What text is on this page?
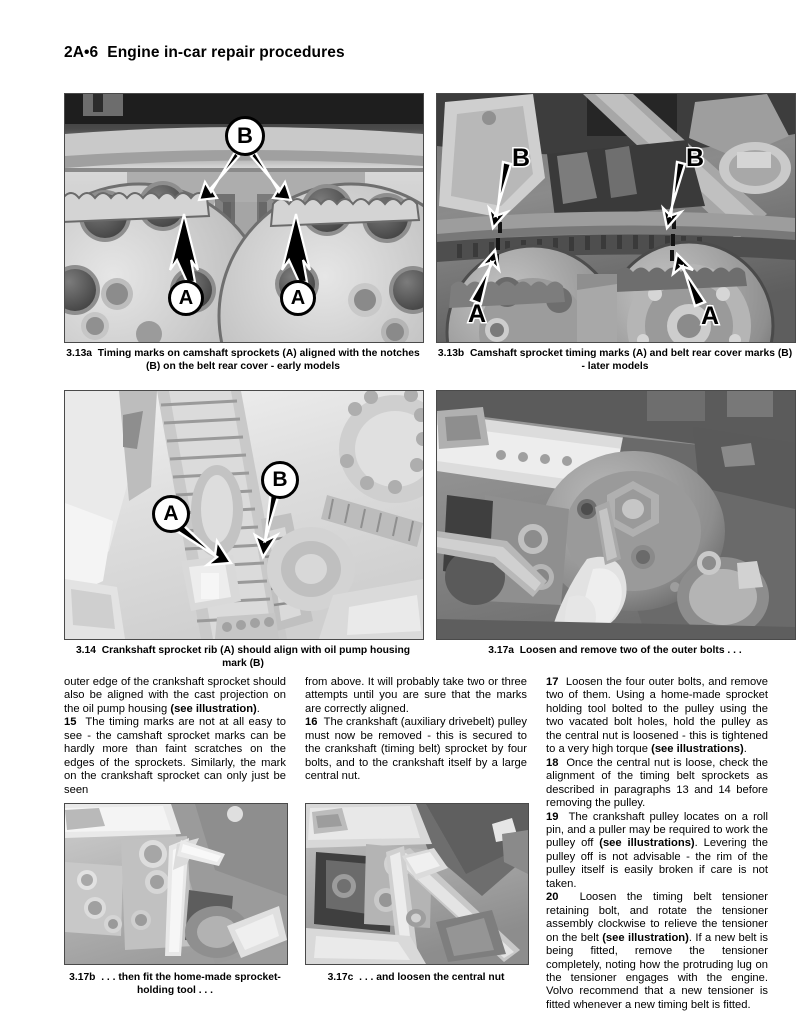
2A•6 Engine in-car repair procedures
B
A	A
3.13a Timing marks on camshaft sprockets (A) aligned with the notches (B) on the belt rear cover - early models
B	B
A	A
3.13b Camshaft sprocket timing marks (A) and belt rear cover marks (B) - later models
A
B
3.14 Crankshaft sprocket rib (A) should align with oil pump housing mark (B)
3.17a Loosen and remove two of the outer bolts . . .

outer edge of the crankshaft sprocket should also be aligned with the cast projection on the oil pump housing (see illustration).

15 The timing marks are not at all easy to see - the camshaft sprocket marks can be hardly more than faint scratches on the edges of the sprockets. Similarly, the mark on the crankshaft sprocket can only just be seen

from above. It will probably take two or three attempts until you are sure that the marks are correctly aligned.

16 The crankshaft (auxiliary drivebelt) pulley must now be removed - this is secured to the crankshaft (timing belt) sprocket by four bolts, and to the crankshaft itself by a large central nut.

17 Loosen the four outer bolts, and remove two of them. Using a home-made sprocket holding tool bolted to the pulley using the two vacated bolt holes, hold the pulley as the central nut is loosened - this is tightened to a very high torque (see illustrations).

18 Once the central nut is loose, check the alignment of the timing belt sprockets as described in paragraphs 13 and 14 before removing the pulley.

19 The crankshaft pulley locates on a roll pin, and a puller may be required to work the pulley off (see illustrations). Levering the pulley off is not advisable - the rim of the pulley itself is easily broken if care is not taken.

20 Loosen the timing belt tensioner retaining bolt, and rotate the tensioner assembly clockwise to relieve the tensioner on the belt (see illustration). If a new belt is being fitted, remove the tensioner completely, noting how the protruding lug on the tensioner engages with the engine. Volvo recommend that a new tensioner is fitted whenever a new timing belt is fitted.

3.17b . . . then fit the home-made sprocket-holding tool . . .
3.17c . . . and loosen the central nut
